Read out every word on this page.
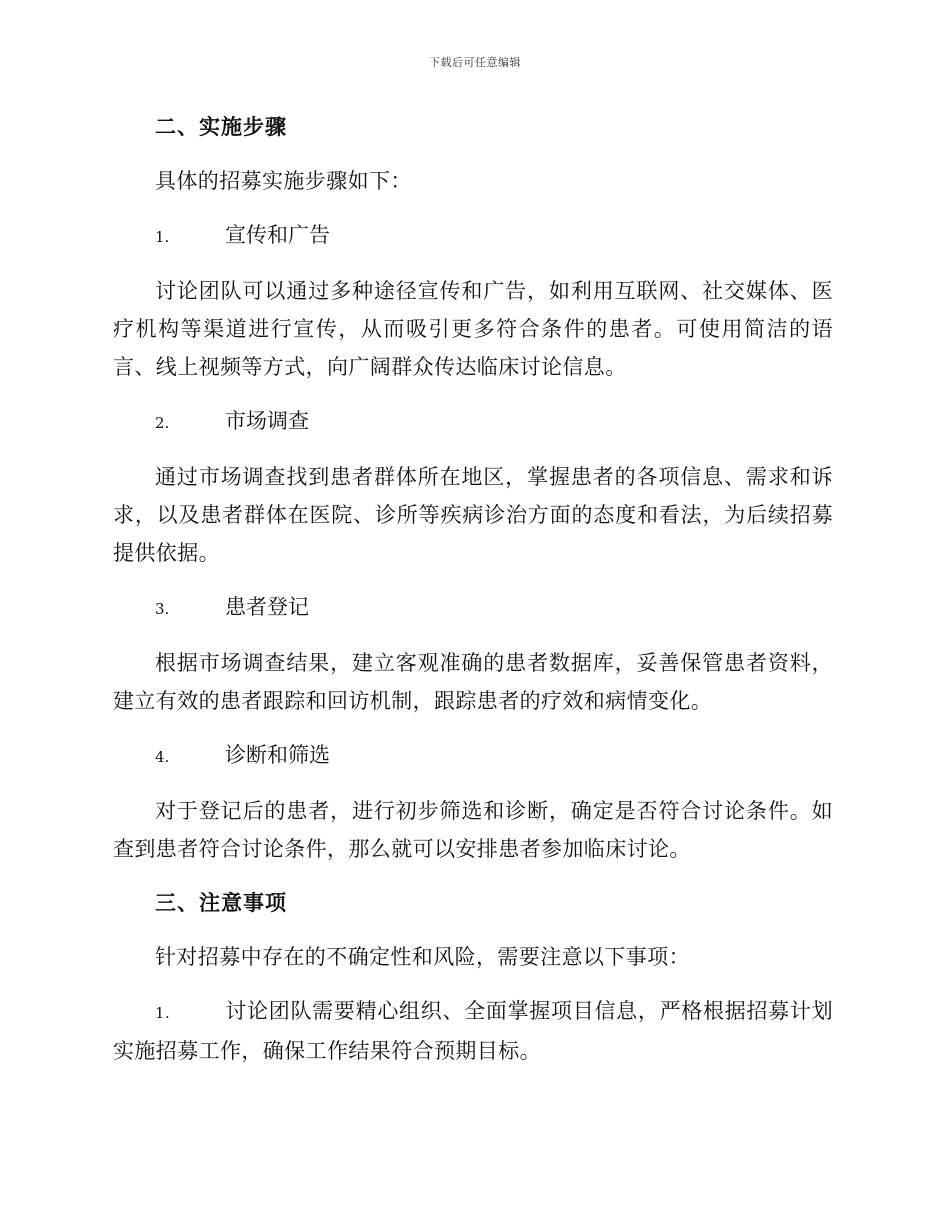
下载后可任意编辑
二、实施步骤

具体的招募实施步骤如下：

1.	宣传和广告

讨论团队可以通过多种途径宣传和广告，如利用互联网、社交媒体、医疗机构等渠道进行宣传，从而吸引更多符合条件的患者。可使用简洁的语言、线上视频等方式，向广阔群众传达临床讨论信息。

2.	市场调查

通过市场调查找到患者群体所在地区，掌握患者的各项信息、需求和诉求，以及患者群体在医院、诊所等疾病诊治方面的态度和看法，为后续招募提供依据。

3.	患者登记

根据市场调查结果，建立客观准确的患者数据库，妥善保管患者资料，建立有效的患者跟踪和回访机制，跟踪患者的疗效和病情变化。

4.	诊断和筛选

对于登记后的患者，进行初步筛选和诊断，确定是否符合讨论条件。如查到患者符合讨论条件，那么就可以安排患者参加临床讨论。

三、注意事项

针对招募中存在的不确定性和风险，需要注意以下事项：

1.	讨论团队需要精心组织、全面掌握项目信息，严格根据招募计划实施招募工作，确保工作结果符合预期目标。
